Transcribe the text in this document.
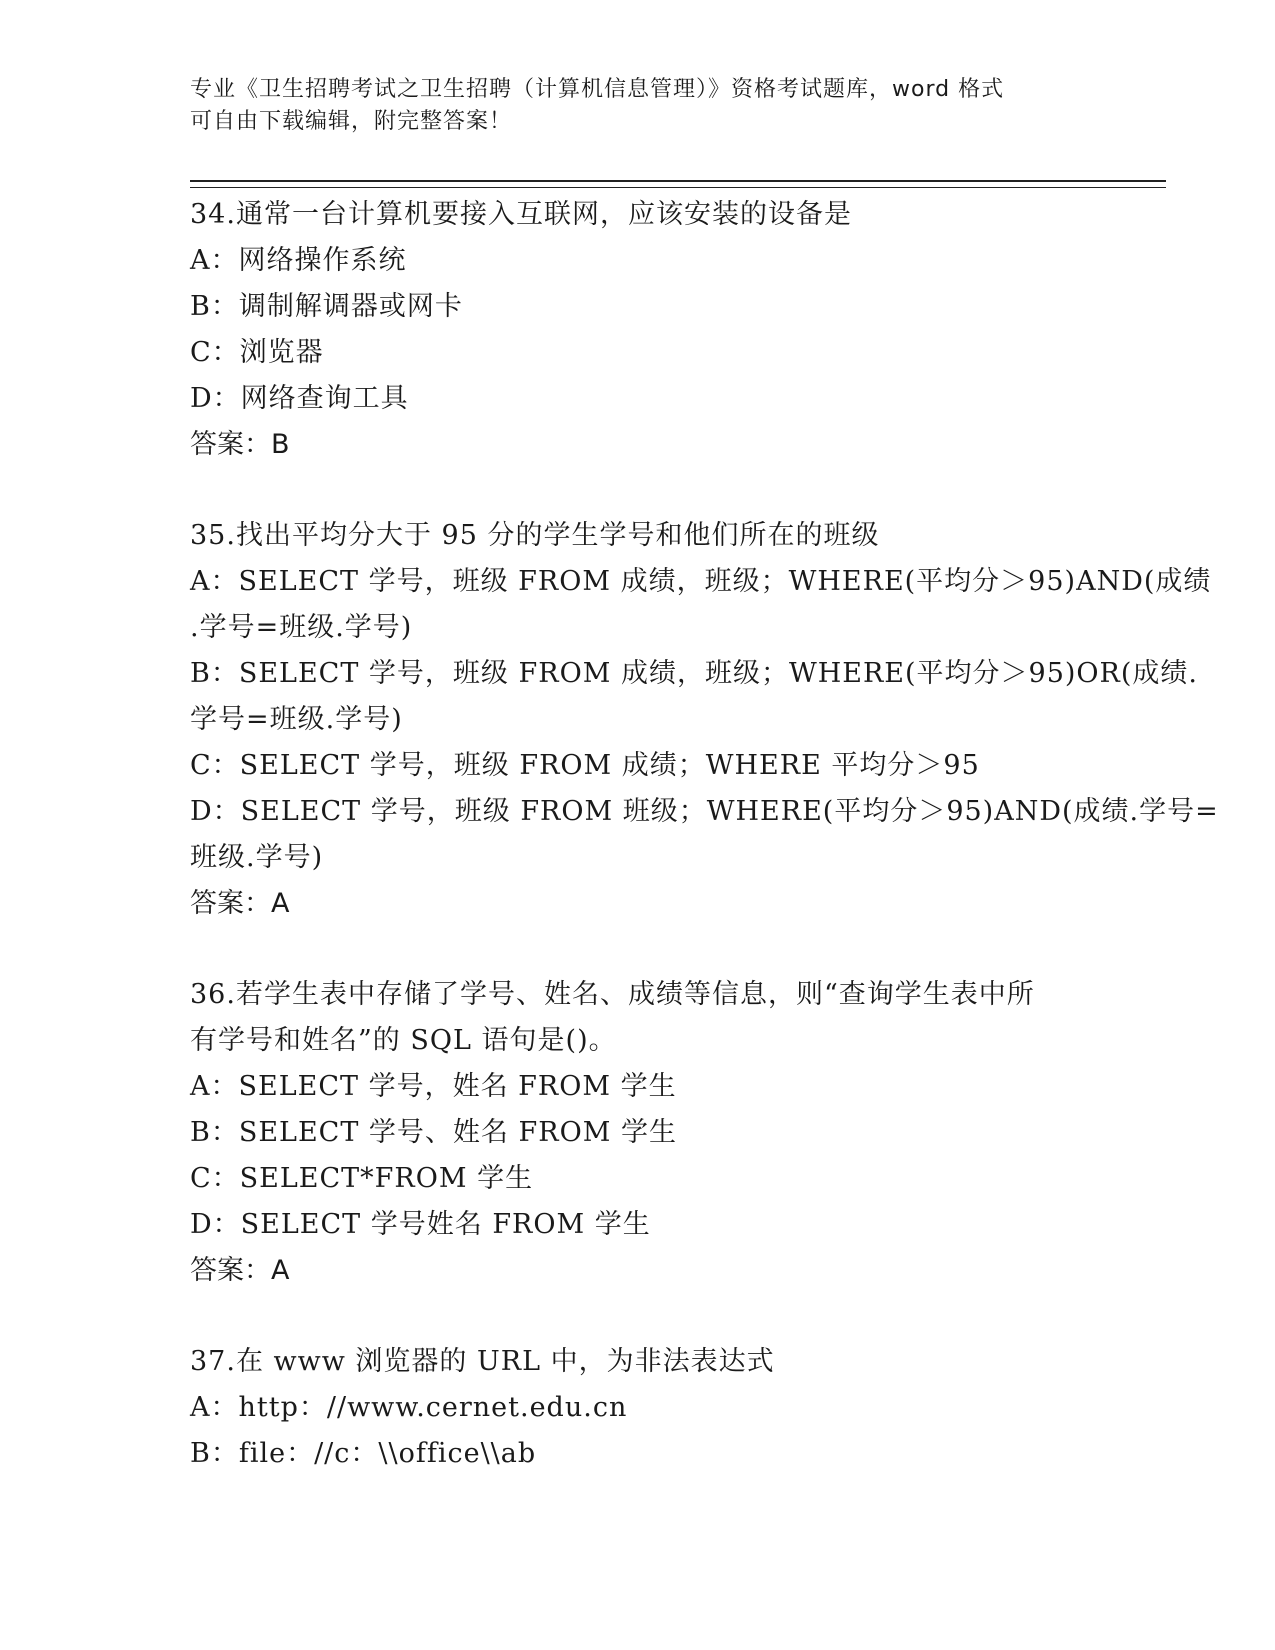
专业《卫生招聘考试之卫生招聘（计算机信息管理）》资格考试题库，word 格式
可自由下载编辑，附完整答案！
34.通常一台计算机要接入互联网，应该安装的设备是
A：网络操作系统
B：调制解调器或网卡
C：浏览器
D：网络查询工具
答案：B
35.找出平均分大于 95 分的学生学号和他们所在的班级
A：SELECT 学号，班级 FROM 成绩，班级；WHERE(平均分＞95)AND(成绩
.学号=班级.学号)
B：SELECT 学号，班级 FROM 成绩，班级；WHERE(平均分＞95)OR(成绩.
学号=班级.学号)
C：SELECT 学号，班级 FROM 成绩；WHERE 平均分＞95
D：SELECT 学号，班级 FROM 班级；WHERE(平均分＞95)AND(成绩.学号=
班级.学号)
答案：A
36.若学生表中存储了学号、姓名、成绩等信息，则“查询学生表中所
有学号和姓名”的 SQL 语句是()。
A：SELECT 学号，姓名 FROM 学生
B：SELECT 学号、姓名 FROM 学生
C：SELECT*FROM 学生
D：SELECT 学号姓名 FROM 学生
答案：A
37.在 www 浏览器的 URL 中，为非法表达式
A：http：//www.cernet.edu.cn
B：file：//c：\\office\\ab
